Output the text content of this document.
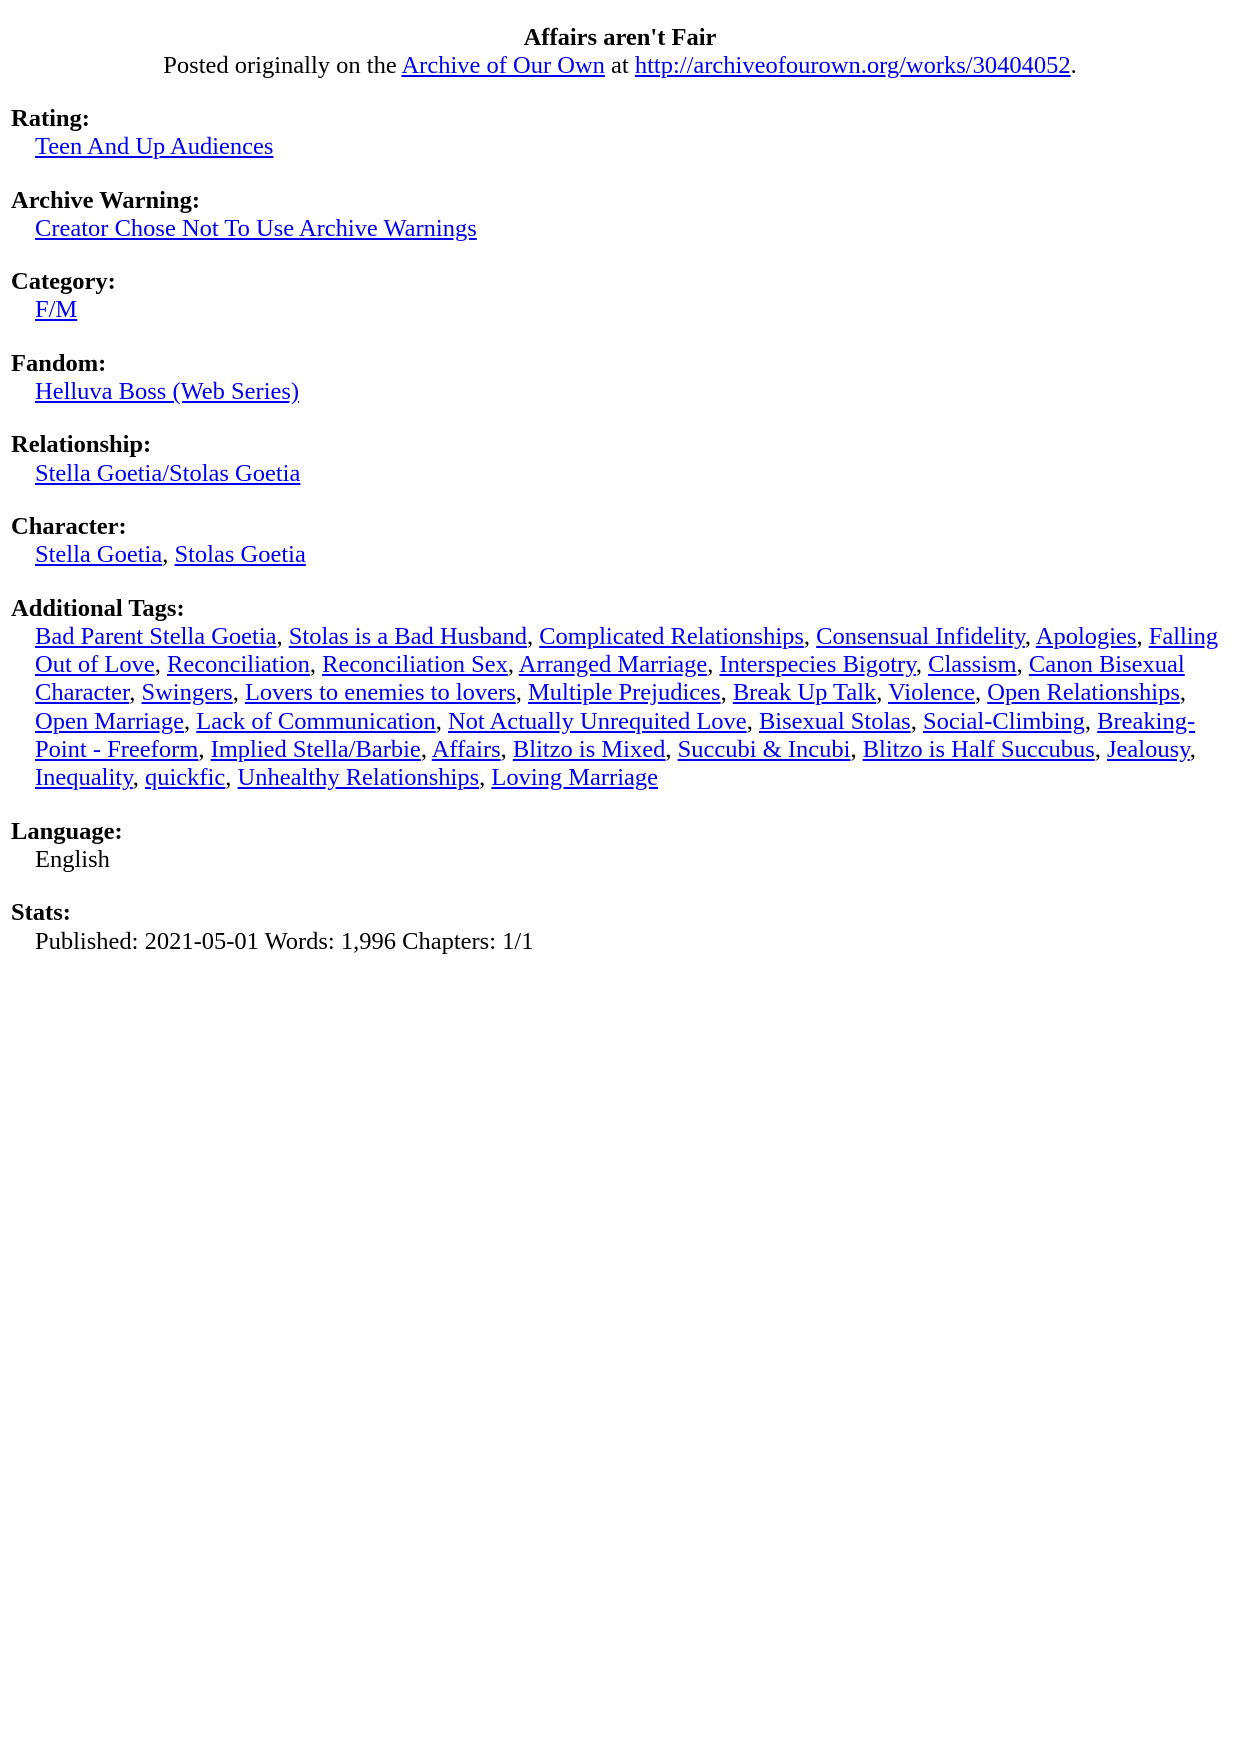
Affairs aren't Fair
Posted originally on the Archive of Our Own at http://archiveofourown.org/works/30404052.
Rating:
Teen And Up Audiences
Archive Warning:
Creator Chose Not To Use Archive Warnings
Category:
F/M
Fandom:
Helluva Boss (Web Series)
Relationship:
Stella Goetia/Stolas Goetia
Character:
Stella Goetia, Stolas Goetia
Additional Tags:
Bad Parent Stella Goetia, Stolas is a Bad Husband, Complicated Relationships, Consensual Infidelity, Apologies, Falling Out of Love, Reconciliation, Reconciliation Sex, Arranged Marriage, Interspecies Bigotry, Classism, Canon Bisexual Character, Swingers, Lovers to enemies to lovers, Multiple Prejudices, Break Up Talk, Violence, Open Relationships, Open Marriage, Lack of Communication, Not Actually Unrequited Love, Bisexual Stolas, Social-Climbing, Breaking-Point - Freeform, Implied Stella/Barbie, Affairs, Blitzo is Mixed, Succubi & Incubi, Blitzo is Half Succubus, Jealousy, Inequality, quickfic, Unhealthy Relationships, Loving Marriage
Language:
English
Stats:
Published: 2021-05-01 Words: 1,996 Chapters: 1/1
